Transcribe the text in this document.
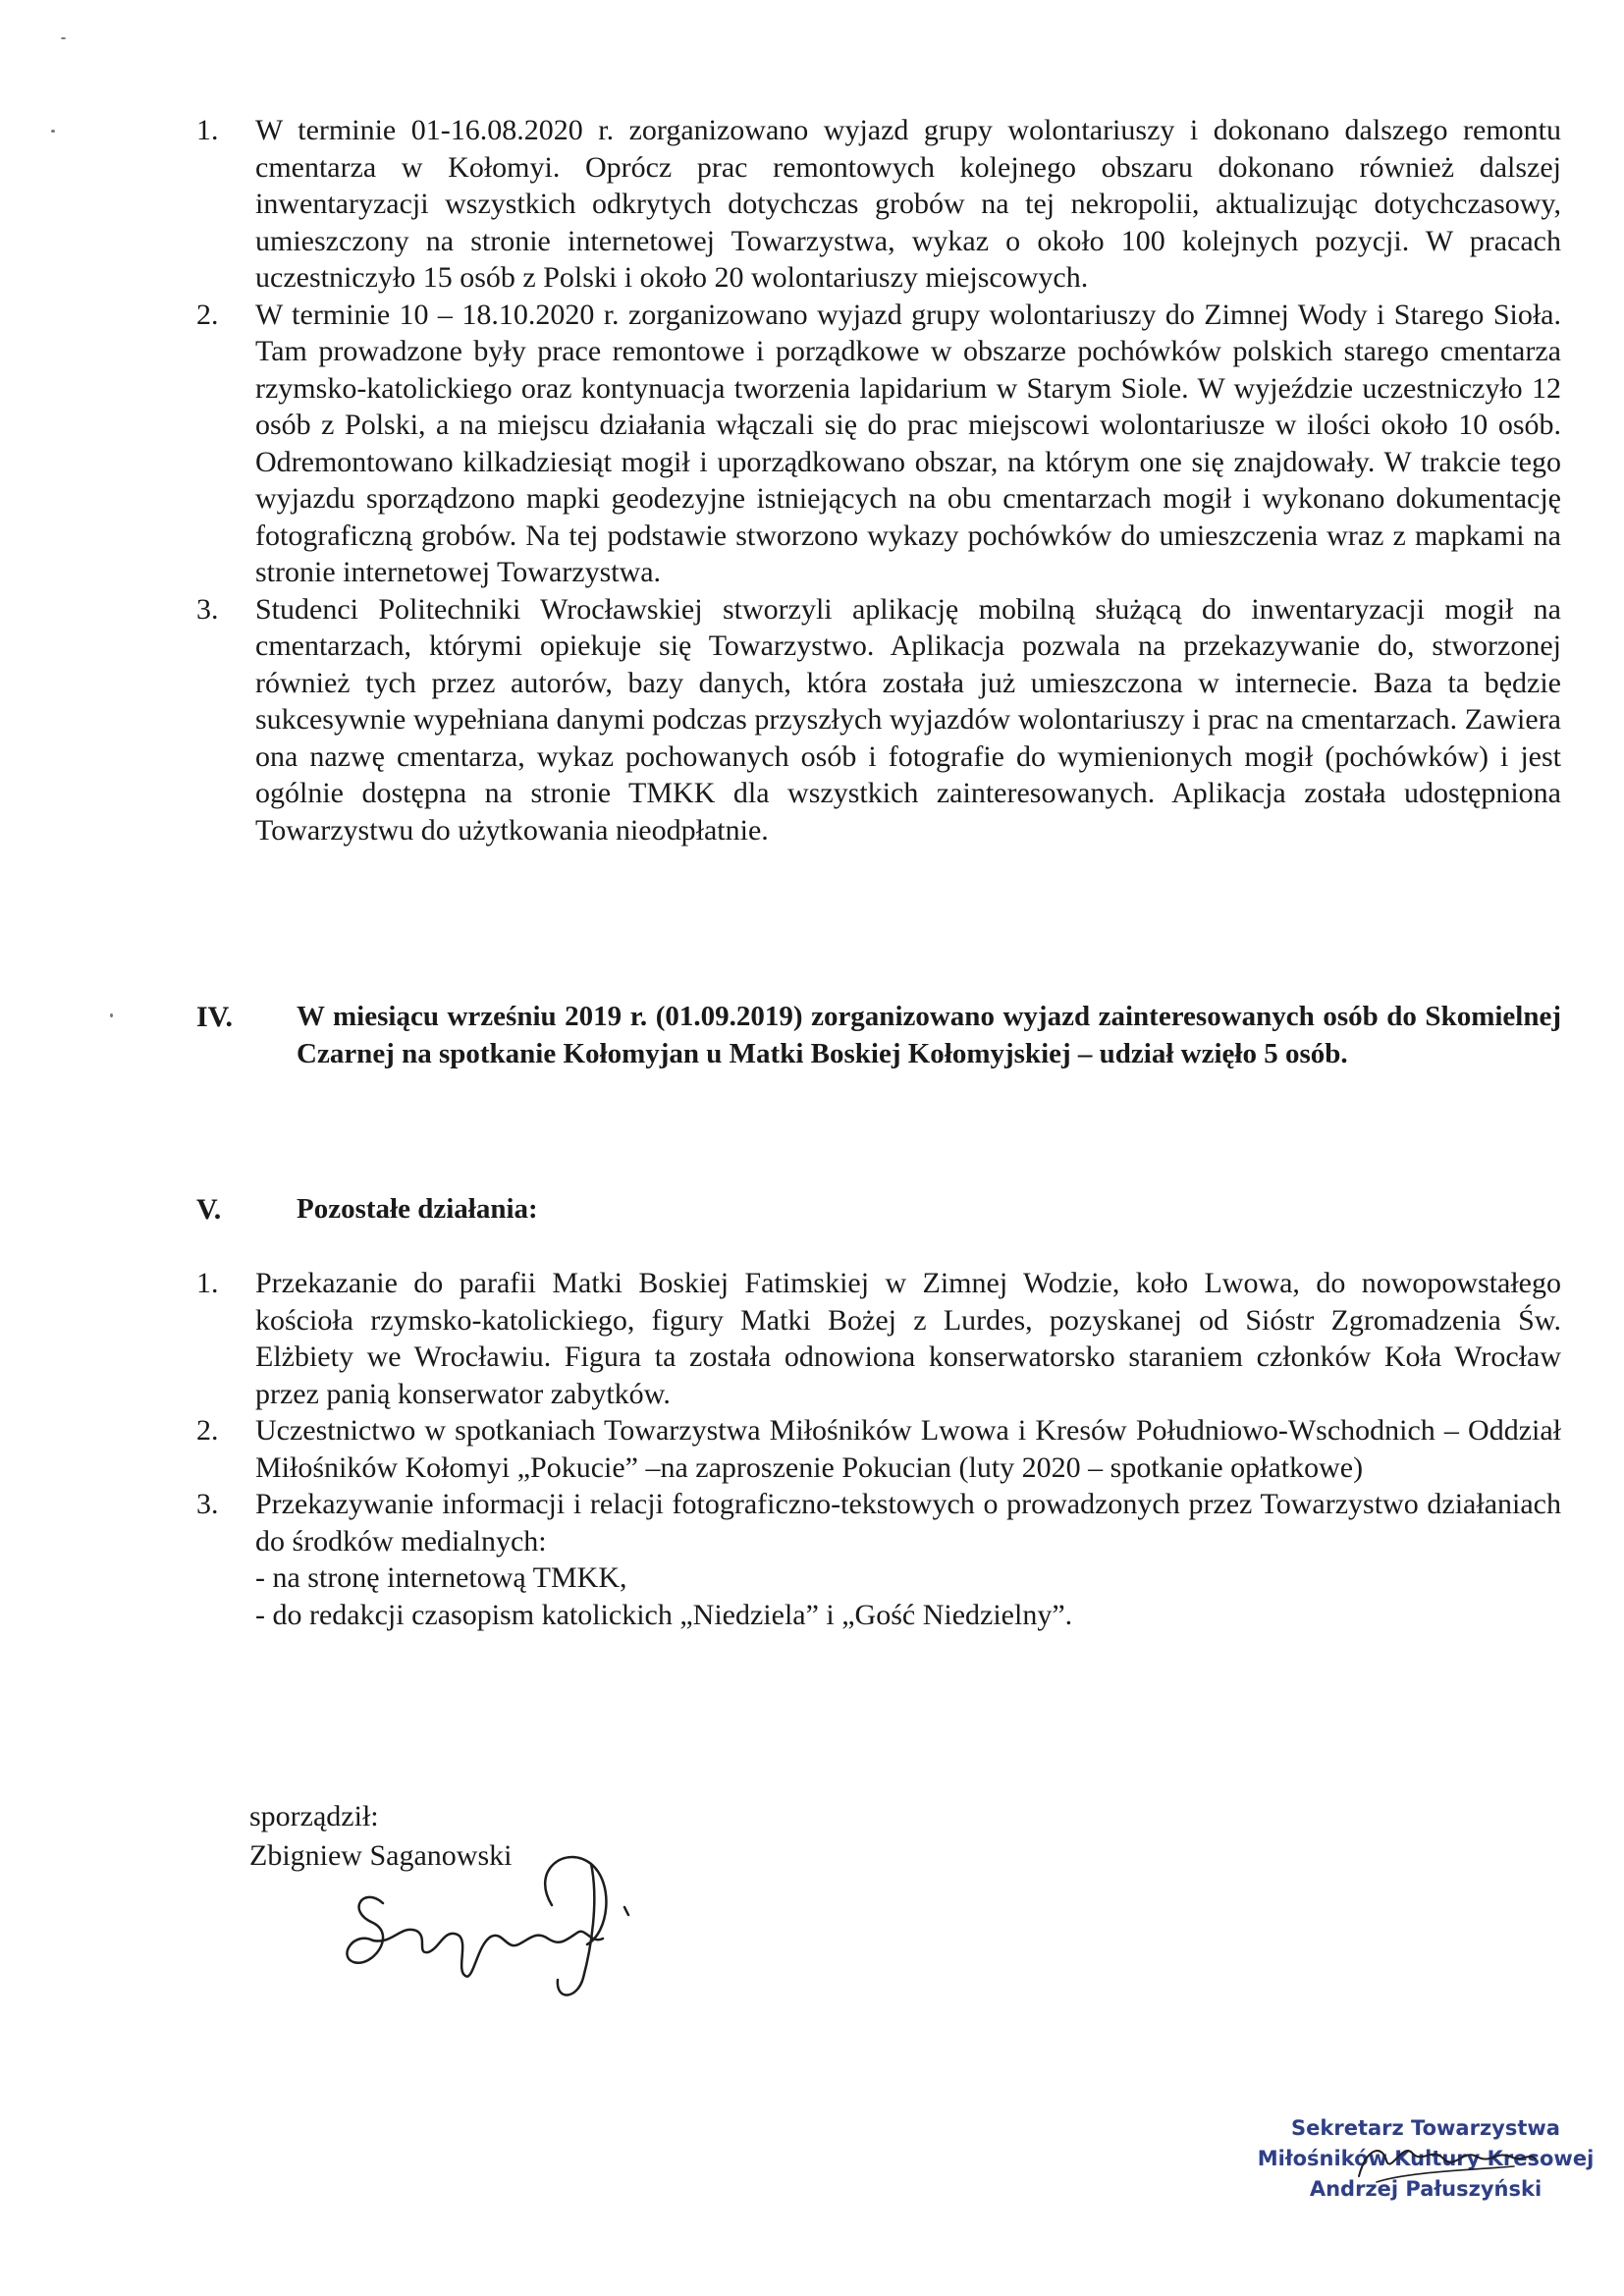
1. W terminie 01-16.08.2020 r. zorganizowano wyjazd grupy wolontariuszy i dokonano dalszego remontu cmentarza w Kołomyi. Oprócz prac remontowych kolejnego obszaru dokonano również dalszej inwentaryzacji wszystkich odkrytych dotychczas grobów na tej nekropolii, aktualizując dotychczasowy, umieszczony na stronie internetowej Towarzystwa, wykaz o około 100 kolejnych pozycji. W pracach uczestniczyło 15 osób z Polski i około 20 wolontariuszy miejscowych.

2. W terminie 10 – 18.10.2020 r. zorganizowano wyjazd grupy wolontariuszy do Zimnej Wody i Starego Sioła. Tam prowadzone były prace remontowe i porządkowe w obszarze pochówków polskich starego cmentarza rzymsko-katolickiego oraz kontynuacja tworzenia lapidarium w Starym Siole. W wyjeździe uczestniczyło 12 osób z Polski, a na miejscu działania włączali się do prac miejscowi wolontariusze w ilości około 10 osób. Odremontowano kilkadziesiąt mogił i uporządkowano obszar, na którym one się znajdowały. W trakcie tego wyjazdu sporządzono mapki geodezyjne istniejących na obu cmentarzach mogił i wykonano dokumentację fotograficzną grobów. Na tej podstawie stworzono wykazy pochówków do umieszczenia wraz z mapkami na stronie internetowej Towarzystwa.

3. Studenci Politechniki Wrocławskiej stworzyli aplikację mobilną służącą do inwentaryzacji mogił na cmentarzach, którymi opiekuje się Towarzystwo. Aplikacja pozwala na przekazywanie do, stworzonej również tych przez autorów, bazy danych, która została już umieszczona w internecie. Baza ta będzie sukcesywnie wypełniana danymi podczas przyszłych wyjazdów wolontariuszy i prac na cmentarzach. Zawiera ona nazwę cmentarza, wykaz pochowanych osób i fotografie do wymienionych mogił (pochówków) i jest ogólnie dostępna na stronie TMKK dla wszystkich zainteresowanych. Aplikacja została udostępniona Towarzystwu do użytkowania nieodpłatnie.

IV. W miesiącu wrześniu 2019 r. (01.09.2019) zorganizowano wyjazd zainteresowanych osób do Skomielnej Czarnej na spotkanie Kołomyjan u Matki Boskiej Kołomyjskiej – udział wzięło 5 osób.
V.	Pozostałe działania:
1. Przekazanie do parafii Matki Boskiej Fatimskiej w Zimnej Wodzie, koło Lwowa, do nowopowstałego kościoła rzymsko-katolickiego, figury Matki Bożej z Lurdes, pozyskanej od Sióstr Zgromadzenia Św. Elżbiety we Wrocławiu. Figura ta została odnowiona konserwatorsko staraniem członków Koła Wrocław przez panią konserwator zabytków.

2. Uczestnictwo w spotkaniach Towarzystwa Miłośników Lwowa i Kresów Południowo-Wschodnich – Oddział Miłośników Kołomyi „Pokucie” –na zaproszenie Pokucian (luty 2020 – spotkanie opłatkowe)

3. Przekazywanie informacji i relacji fotograficzno-tekstowych o prowadzonych przez Towarzystwo działaniach do środków medialnych:

- na stronę internetową TMKK,
- do redakcji czasopism katolickich „Niedziela” i „Gość Niedzielny”.
sporządził:
Zbigniew Saganowski
Sekretarz Towarzystwa
Miłośników Kultury Kresowej
Andrzej Pałuszyński
